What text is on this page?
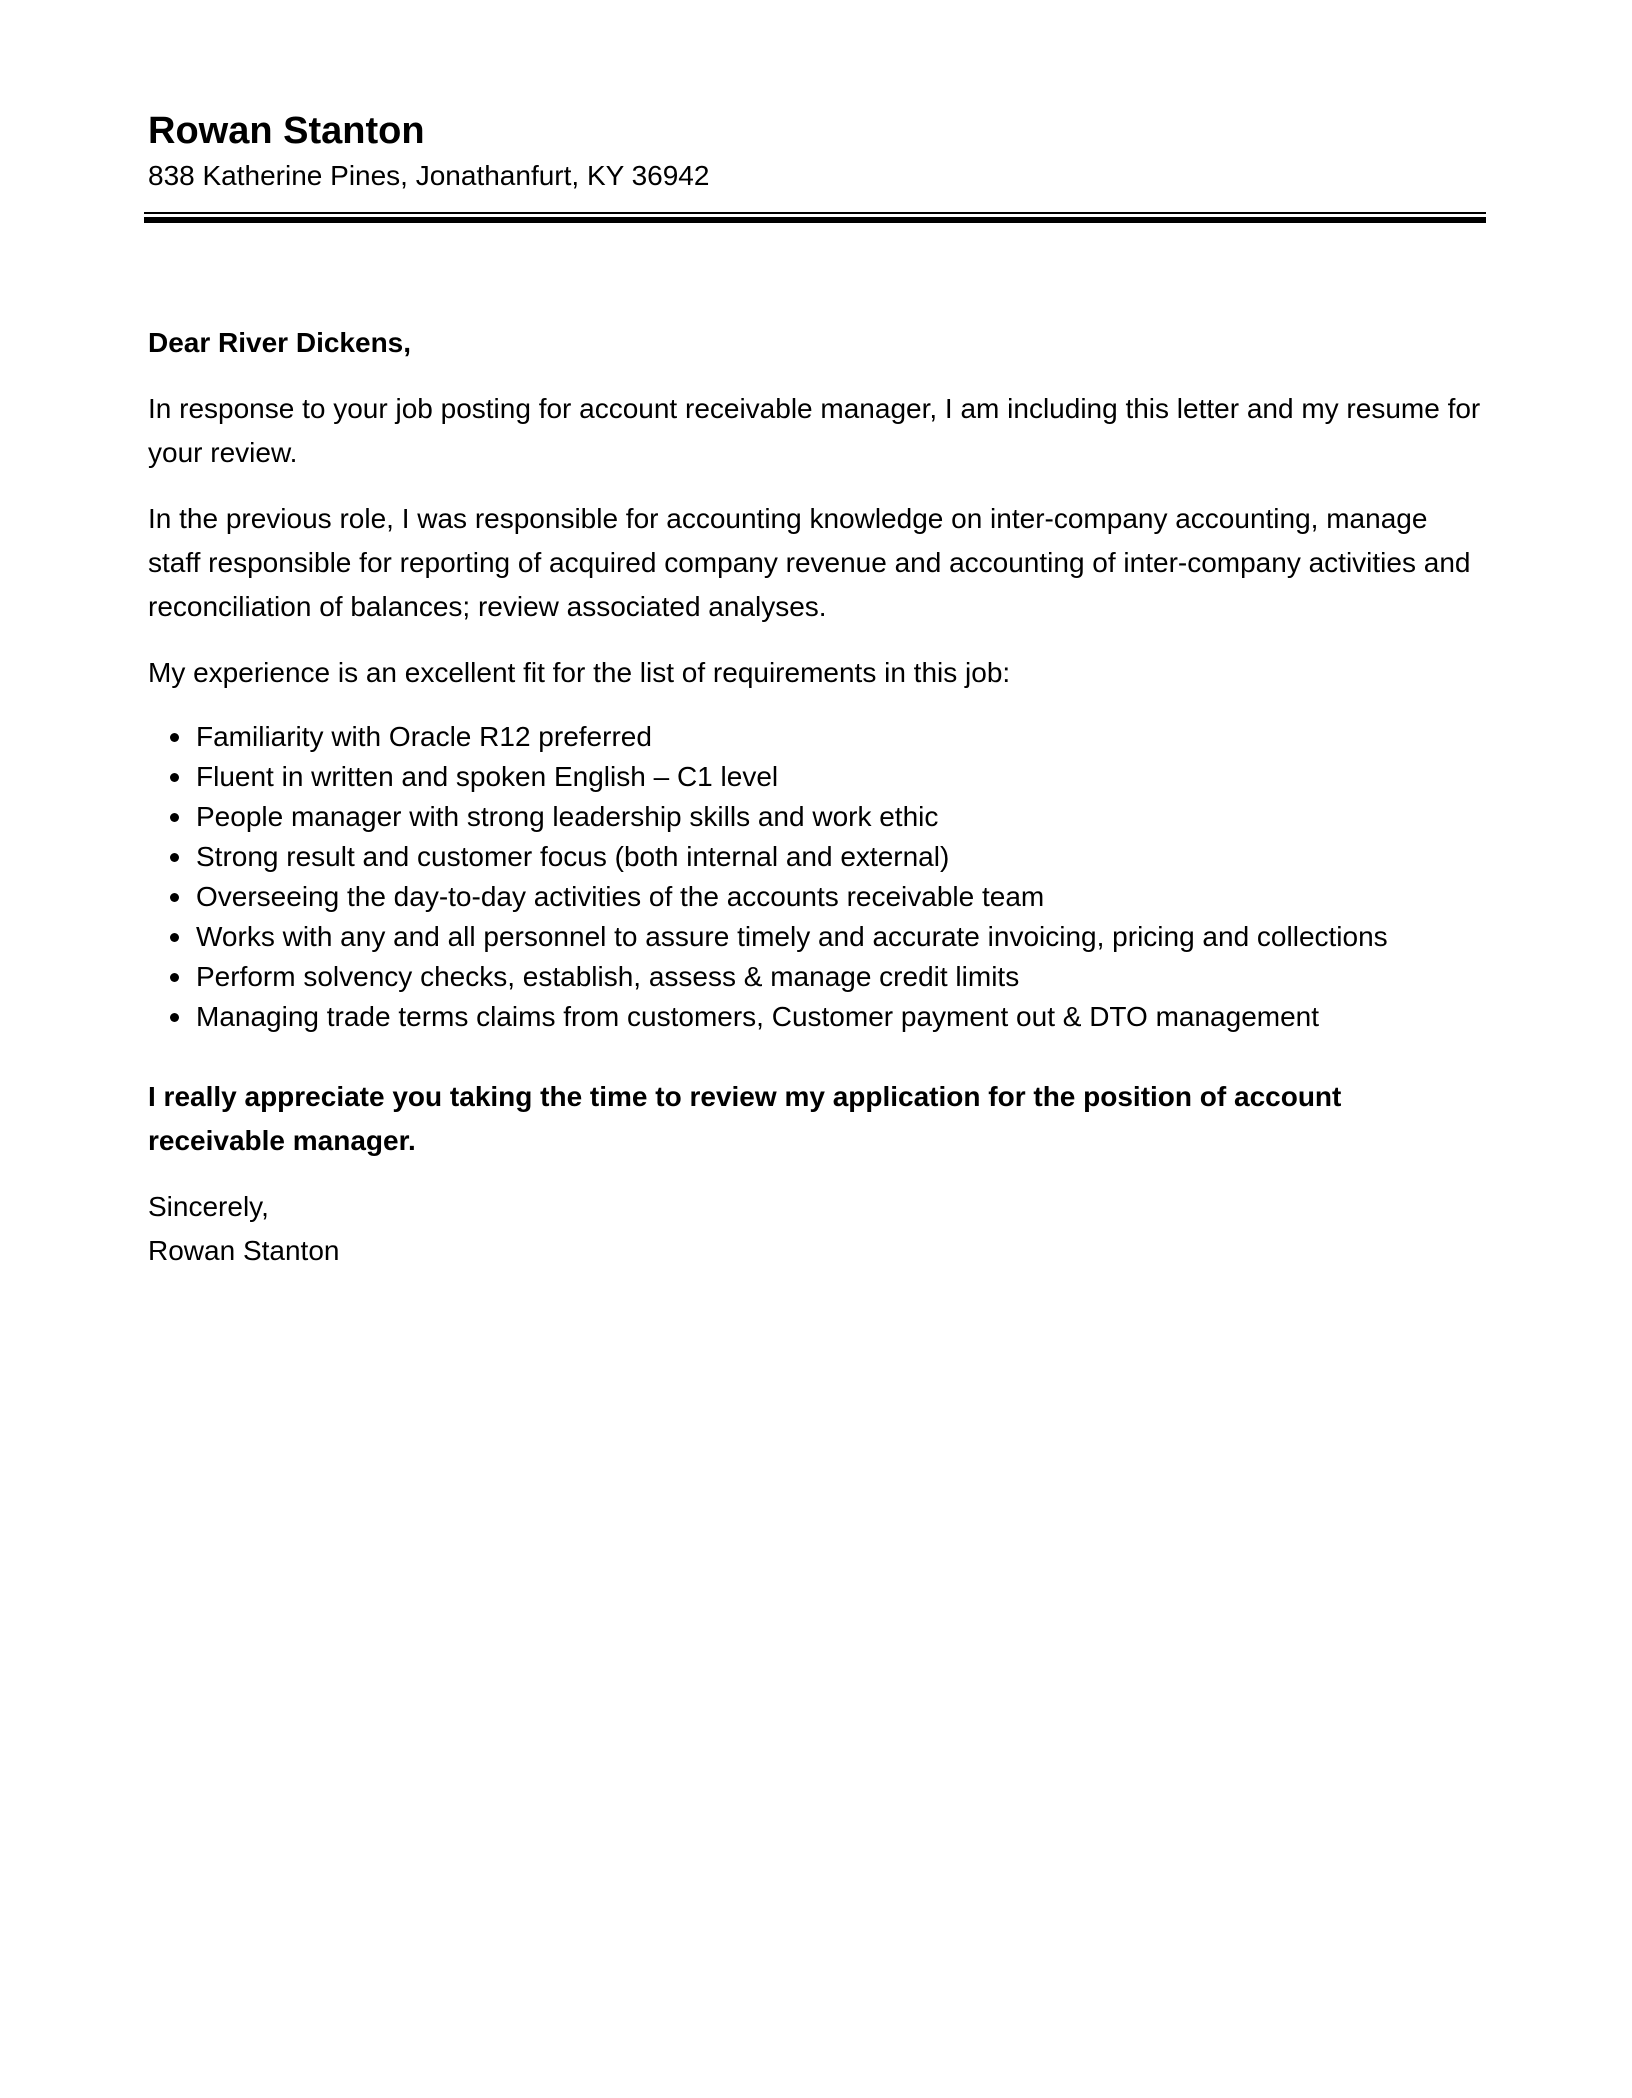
Rowan Stanton

838 Katherine Pines, Jonathanfurt, KY 36942

Dear River Dickens,

In response to your job posting for account receivable manager, I am including this letter and my resume for your review.

In the previous role, I was responsible for accounting knowledge on inter-company accounting, manage staff responsible for reporting of acquired company revenue and accounting of inter-company activities and reconciliation of balances; review associated analyses.

My experience is an excellent fit for the list of requirements in this job:

Familiarity with Oracle R12 preferred
Fluent in written and spoken English – C1 level
People manager with strong leadership skills and work ethic
Strong result and customer focus (both internal and external)
Overseeing the day-to-day activities of the accounts receivable team
Works with any and all personnel to assure timely and accurate invoicing, pricing and collections
Perform solvency checks, establish, assess & manage credit limits
Managing trade terms claims from customers, Customer payment out & DTO management

I really appreciate you taking the time to review my application for the position of account receivable manager.

Sincerely,
Rowan Stanton
